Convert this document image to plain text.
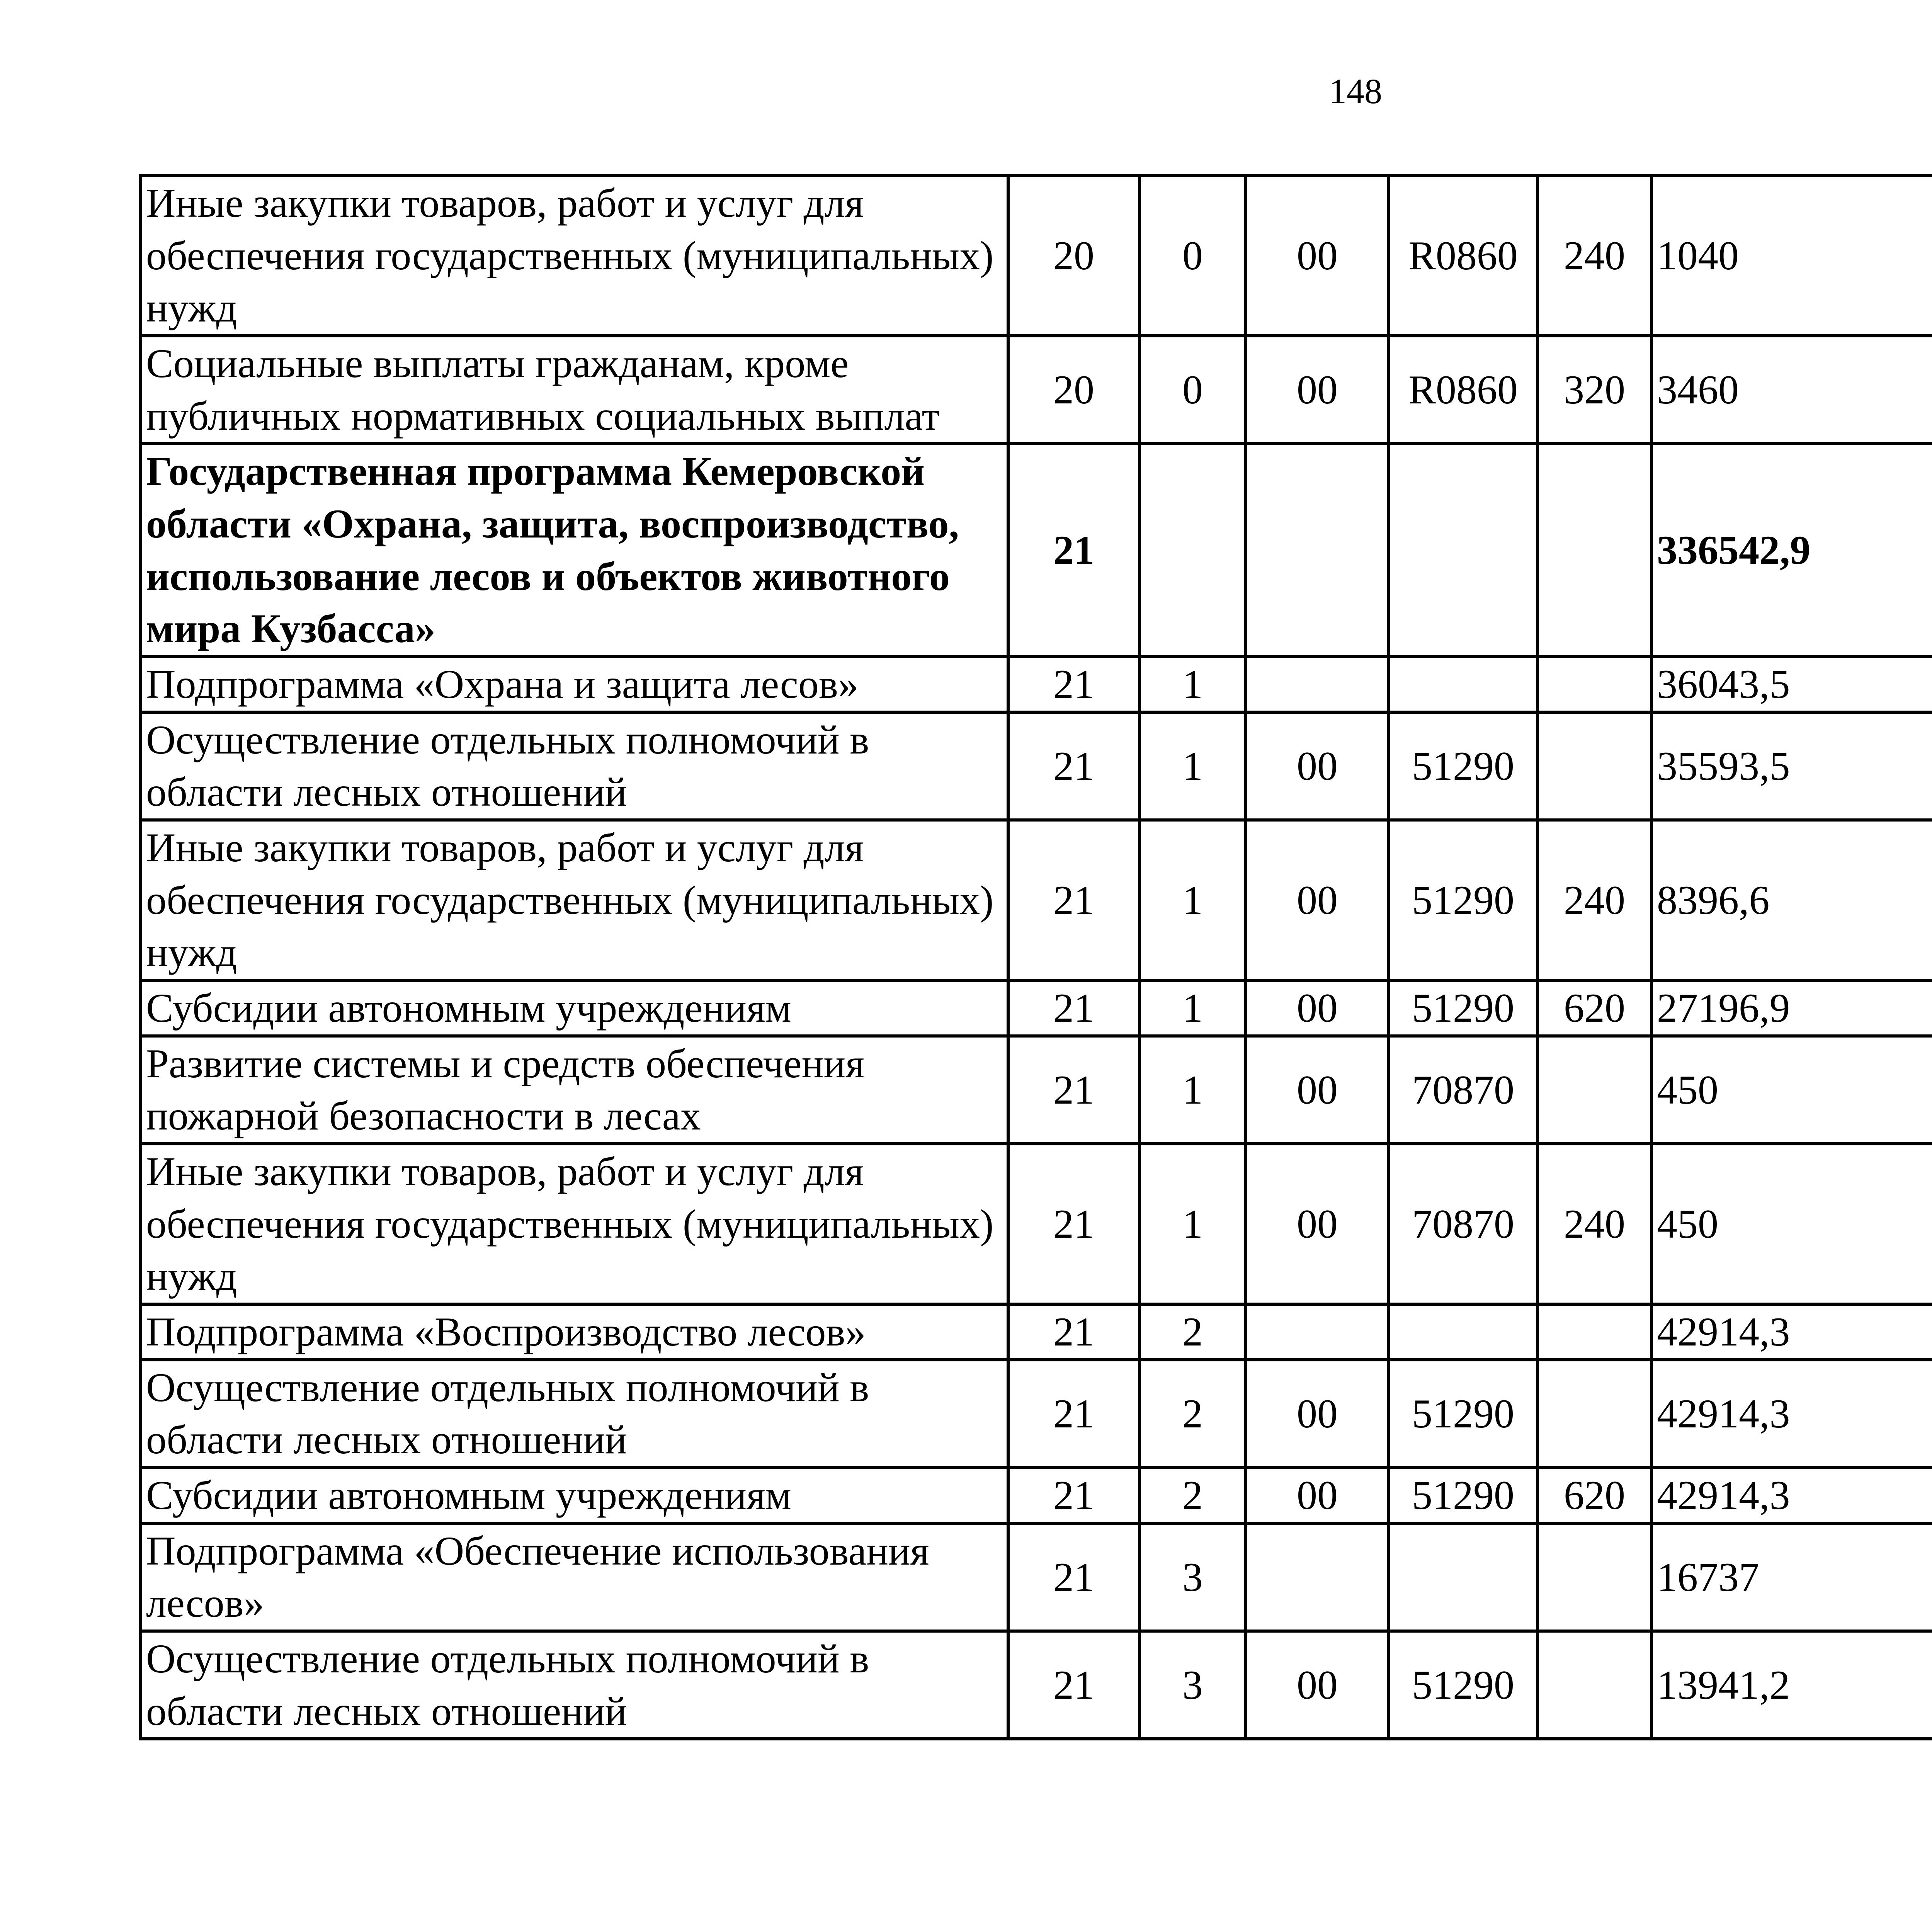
148
Иные закупки товаров, работ и услуг для обеспечения государственных (муниципальных) нужд	20	0	00	R0860	240	1040		
Социальные выплаты гражданам, кроме публичных нормативных социальных выплат	20	0	00	R0860	320	3460		
Государственная программа Кемеровской области «Охрана, защита, воспроизводство, использование лесов и объектов животного мира Кузбасса»	21					336542,9		
Подпрограмма «Охрана и защита лесов»	21	1				36043,5		
Осуществление отдельных полномочий в области лесных отношений	21	1	00	51290		35593,5		
Иные закупки товаров, работ и услуг для обеспечения государственных (муниципальных) нужд	21	1	00	51290	240	8396,6		
Субсидии автономным учреждениям	21	1	00	51290	620	27196,9		
Развитие системы и средств обеспечения пожарной безопасности в лесах	21	1	00	70870		450		
Иные закупки товаров, работ и услуг для обеспечения государственных (муниципальных) нужд	21	1	00	70870	240	450		
Подпрограмма «Воспроизводство лесов»	21	2				42914,3		
Осуществление отдельных полномочий в области лесных отношений	21	2	00	51290		42914,3		
Субсидии автономным учреждениям	21	2	00	51290	620	42914,3		
Подпрограмма «Обеспечение использования лесов»	21	3				16737		
Осуществление отдельных полномочий в области лесных отношений	21	3	00	51290		13941,2		
